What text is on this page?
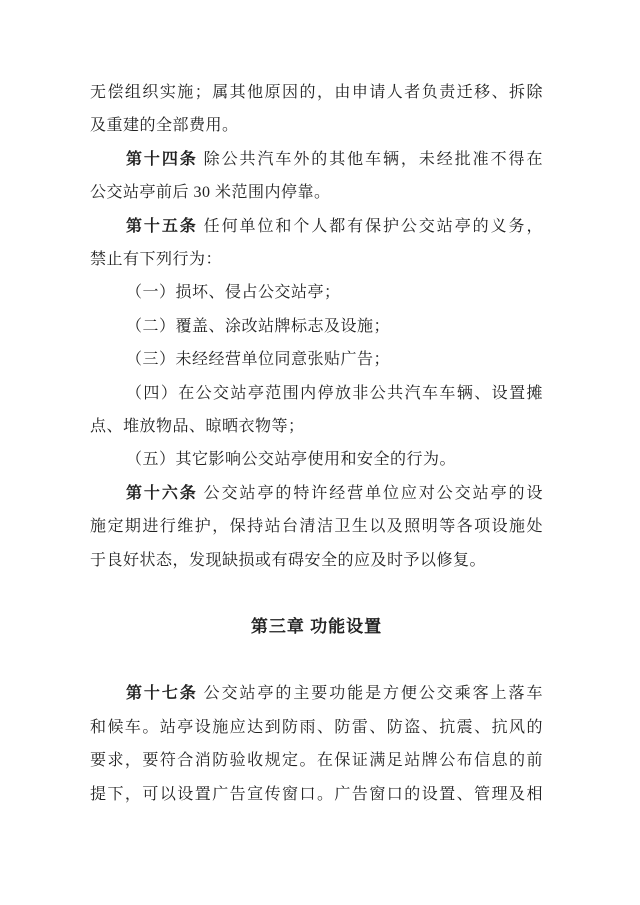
无偿组织实施；属其他原因的，由申请人者负责迁移、拆除
及重建的全部费用。
第十四条 除公共汽车外的其他车辆，未经批准不得在
公交站亭前后 30 米范围内停靠。
第十五条 任何单位和个人都有保护公交站亭的义务，
禁止有下列行为：
（一）损坏、侵占公交站亭；
（二）覆盖、涂改站牌标志及设施；
（三）未经经营单位同意张贴广告；
（四）在公交站亭范围内停放非公共汽车车辆、设置摊
点、堆放物品、晾晒衣物等；
（五）其它影响公交站亭使用和安全的行为。
第十六条 公交站亭的特许经营单位应对公交站亭的设
施定期进行维护，保持站台清洁卫生以及照明等各项设施处
于良好状态，发现缺损或有碍安全的应及时予以修复。
第三章 功能设置
第十七条 公交站亭的主要功能是方便公交乘客上落车
和候车。站亭设施应达到防雨、防雷、防盗、抗震、抗风的
要求，要符合消防验收规定。在保证满足站牌公布信息的前
提下，可以设置广告宣传窗口。广告窗口的设置、管理及相
